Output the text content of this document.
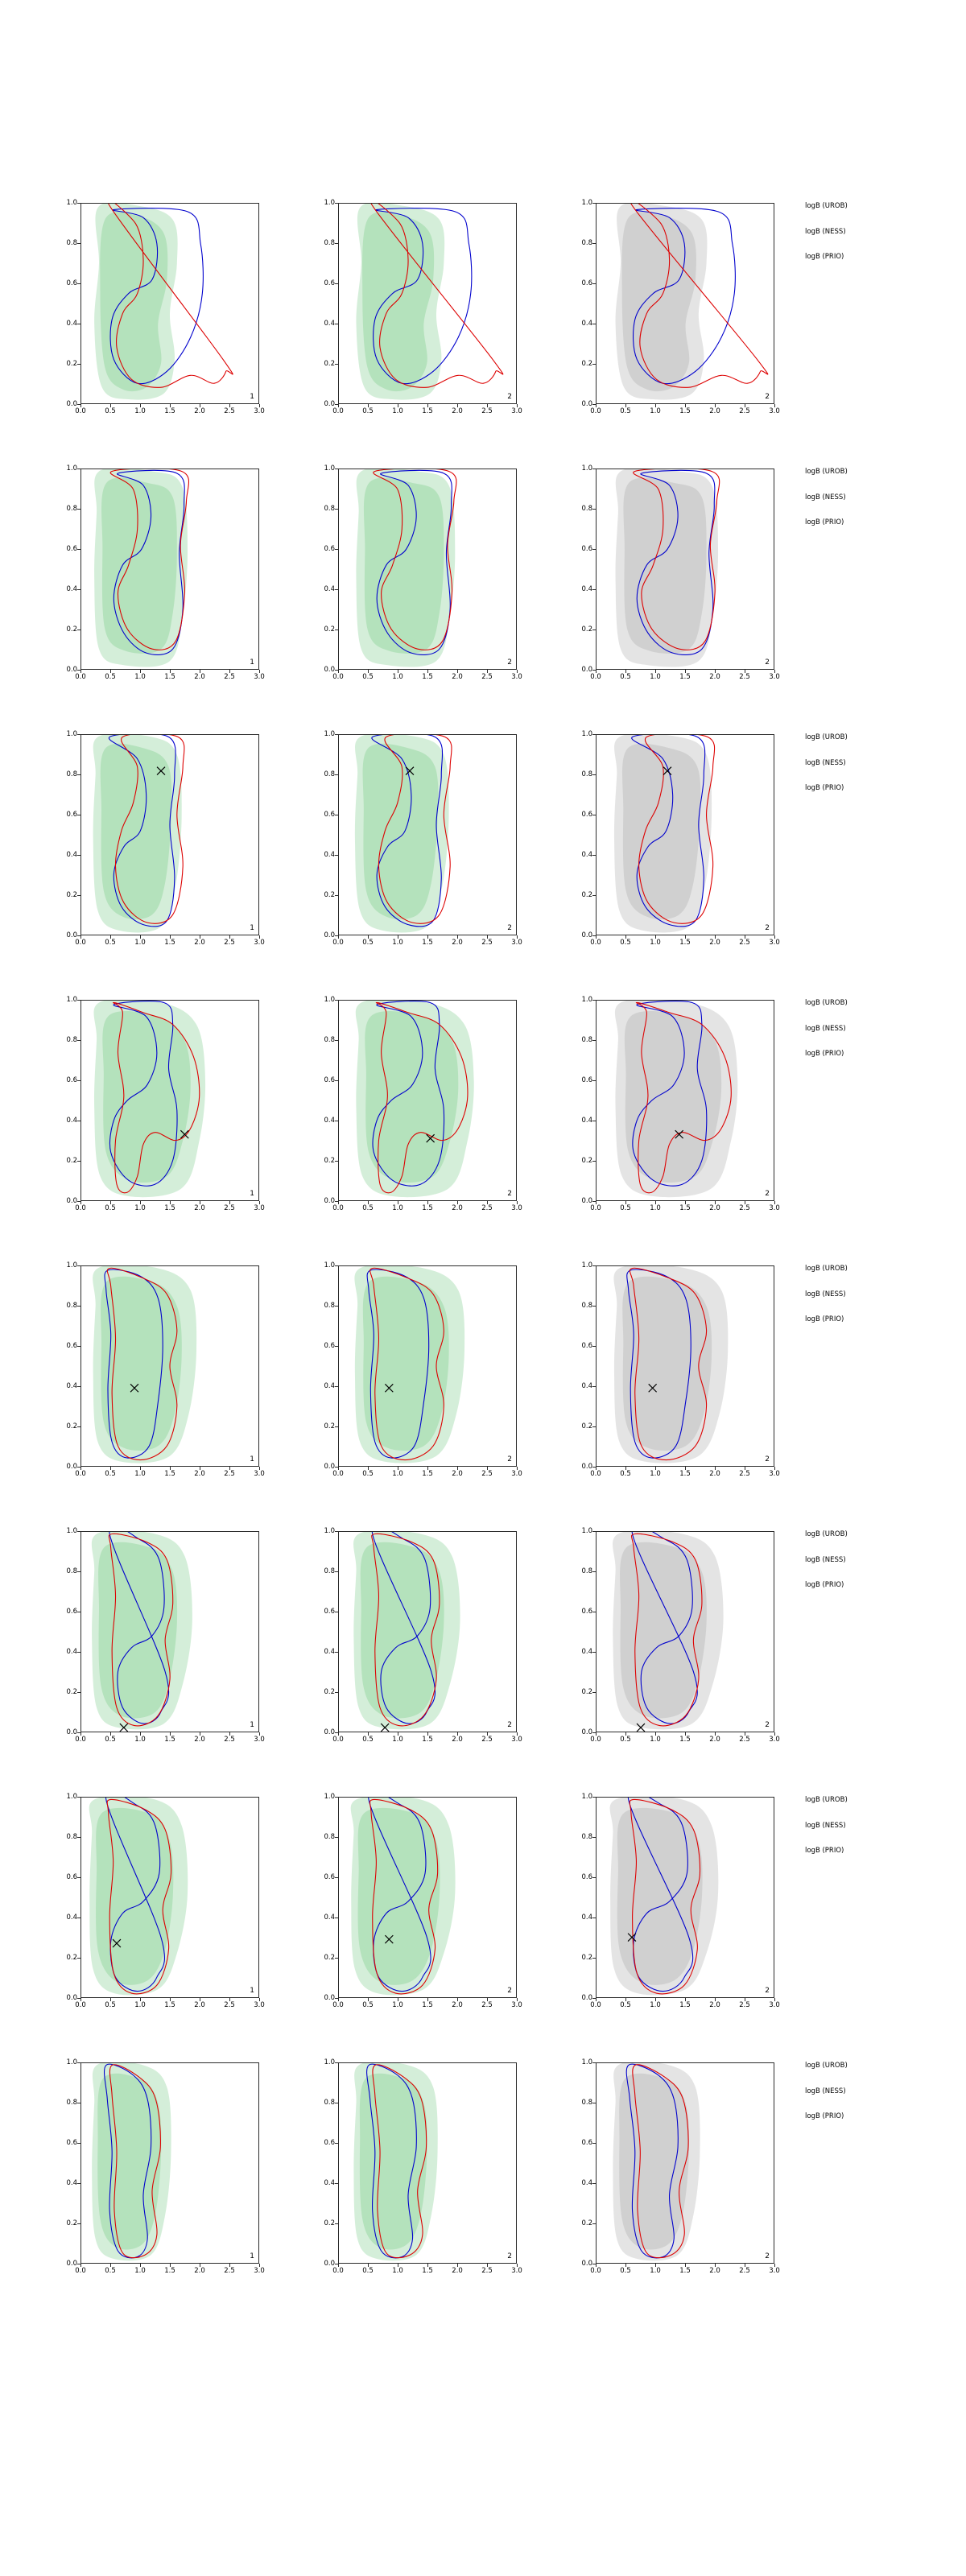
1
0.0
0.2
0.4
0.6
0.8
1.0
0.0	0.5	1.0	1.5	2.0	2.5	3.0
2
0.0
0.2
0.4
0.6
0.8
1.0
0.0	0.5	1.0	1.5	2.0	2.5	3.0
2
0.0
0.2
0.4
0.6
0.8
1.0
0.0	0.5	1.0	1.5	2.0	2.5	3.0
logB (UROB)
logB (NESS)
logB (PRIO)
1
0.0
0.2
0.4
0.6
0.8
1.0
0.0	0.5	1.0	1.5	2.0	2.5	3.0
2
0.0
0.2
0.4
0.6
0.8
1.0
0.0	0.5	1.0	1.5	2.0	2.5	3.0
2
0.0
0.2
0.4
0.6
0.8
1.0
0.0	0.5	1.0	1.5	2.0	2.5	3.0
logB (UROB)
logB (NESS)
logB (PRIO)
1
0.0
0.2
0.4
0.6
0.8
1.0
0.0	0.5	1.0	1.5	2.0	2.5	3.0
2
0.0
0.2
0.4
0.6
0.8
1.0
0.0	0.5	1.0	1.5	2.0	2.5	3.0
2
0.0
0.2
0.4
0.6
0.8
1.0
0.0	0.5	1.0	1.5	2.0	2.5	3.0
logB (UROB)
logB (NESS)
logB (PRIO)
1
0.0
0.2
0.4
0.6
0.8
1.0
0.0	0.5	1.0	1.5	2.0	2.5	3.0
2
0.0
0.2
0.4
0.6
0.8
1.0
0.0	0.5	1.0	1.5	2.0	2.5	3.0
2
0.0
0.2
0.4
0.6
0.8
1.0
0.0	0.5	1.0	1.5	2.0	2.5	3.0
logB (UROB)
logB (NESS)
logB (PRIO)
1
0.0
0.2
0.4
0.6
0.8
1.0
0.0	0.5	1.0	1.5	2.0	2.5	3.0
2
0.0
0.2
0.4
0.6
0.8
1.0
0.0	0.5	1.0	1.5	2.0	2.5	3.0
2
0.0
0.2
0.4
0.6
0.8
1.0
0.0	0.5	1.0	1.5	2.0	2.5	3.0
logB (UROB)
logB (NESS)
logB (PRIO)
1
0.0
0.2
0.4
0.6
0.8
1.0
0.0	0.5	1.0	1.5	2.0	2.5	3.0
2
0.0
0.2
0.4
0.6
0.8
1.0
0.0	0.5	1.0	1.5	2.0	2.5	3.0
2
0.0
0.2
0.4
0.6
0.8
1.0
0.0	0.5	1.0	1.5	2.0	2.5	3.0
logB (UROB)
logB (NESS)
logB (PRIO)
1
0.0
0.2
0.4
0.6
0.8
1.0
0.0	0.5	1.0	1.5	2.0	2.5	3.0
2
0.0
0.2
0.4
0.6
0.8
1.0
0.0	0.5	1.0	1.5	2.0	2.5	3.0
2
0.0
0.2
0.4
0.6
0.8
1.0
0.0	0.5	1.0	1.5	2.0	2.5	3.0
logB (UROB)
logB (NESS)
logB (PRIO)
1
0.0
0.2
0.4
0.6
0.8
1.0
0.0	0.5	1.0	1.5	2.0	2.5	3.0
2
0.0
0.2
0.4
0.6
0.8
1.0
0.0	0.5	1.0	1.5	2.0	2.5	3.0
2
0.0
0.2
0.4
0.6
0.8
1.0
0.0	0.5	1.0	1.5	2.0	2.5	3.0
logB (UROB)
logB (NESS)
logB (PRIO)
